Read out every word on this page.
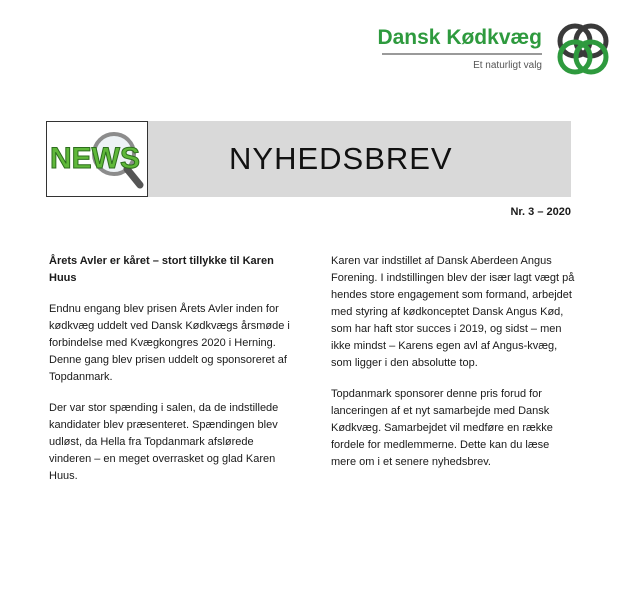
Dansk Kødkvæg
Et naturligt valg
NEWS	NYHEDSBREV
Nr. 3 – 2020
Årets Avler er kåret – stort tillykke til Karen Huus

Endnu engang blev prisen Årets Avler inden for kødkvæg uddelt ved Dansk Kødkvægs årsmøde i forbindelse med Kvægkongres 2020 i Herning. Denne gang blev prisen uddelt og sponsoreret af Topdanmark.

Der var stor spænding i salen, da de indstillede kandidater blev præsenteret. Spændingen blev udløst, da Hella fra Topdanmark afslørede vinderen – en meget overrasket og glad Karen Huus.

Karen var indstillet af Dansk Aberdeen Angus Forening. I indstillingen blev der især lagt vægt på hendes store engagement som formand, arbejdet med styring af kødkonceptet Dansk Angus Kød, som har haft stor succes i 2019, og sidst – men ikke mindst – Karens egen avl af Angus-kvæg, som ligger i den absolutte top.

Topdanmark sponsorer denne pris forud for lanceringen af et nyt samarbejde med Dansk Kødkvæg. Samarbejdet vil medføre en række fordele for medlemmerne. Dette kan du læse mere om i et senere nyhedsbrev.
